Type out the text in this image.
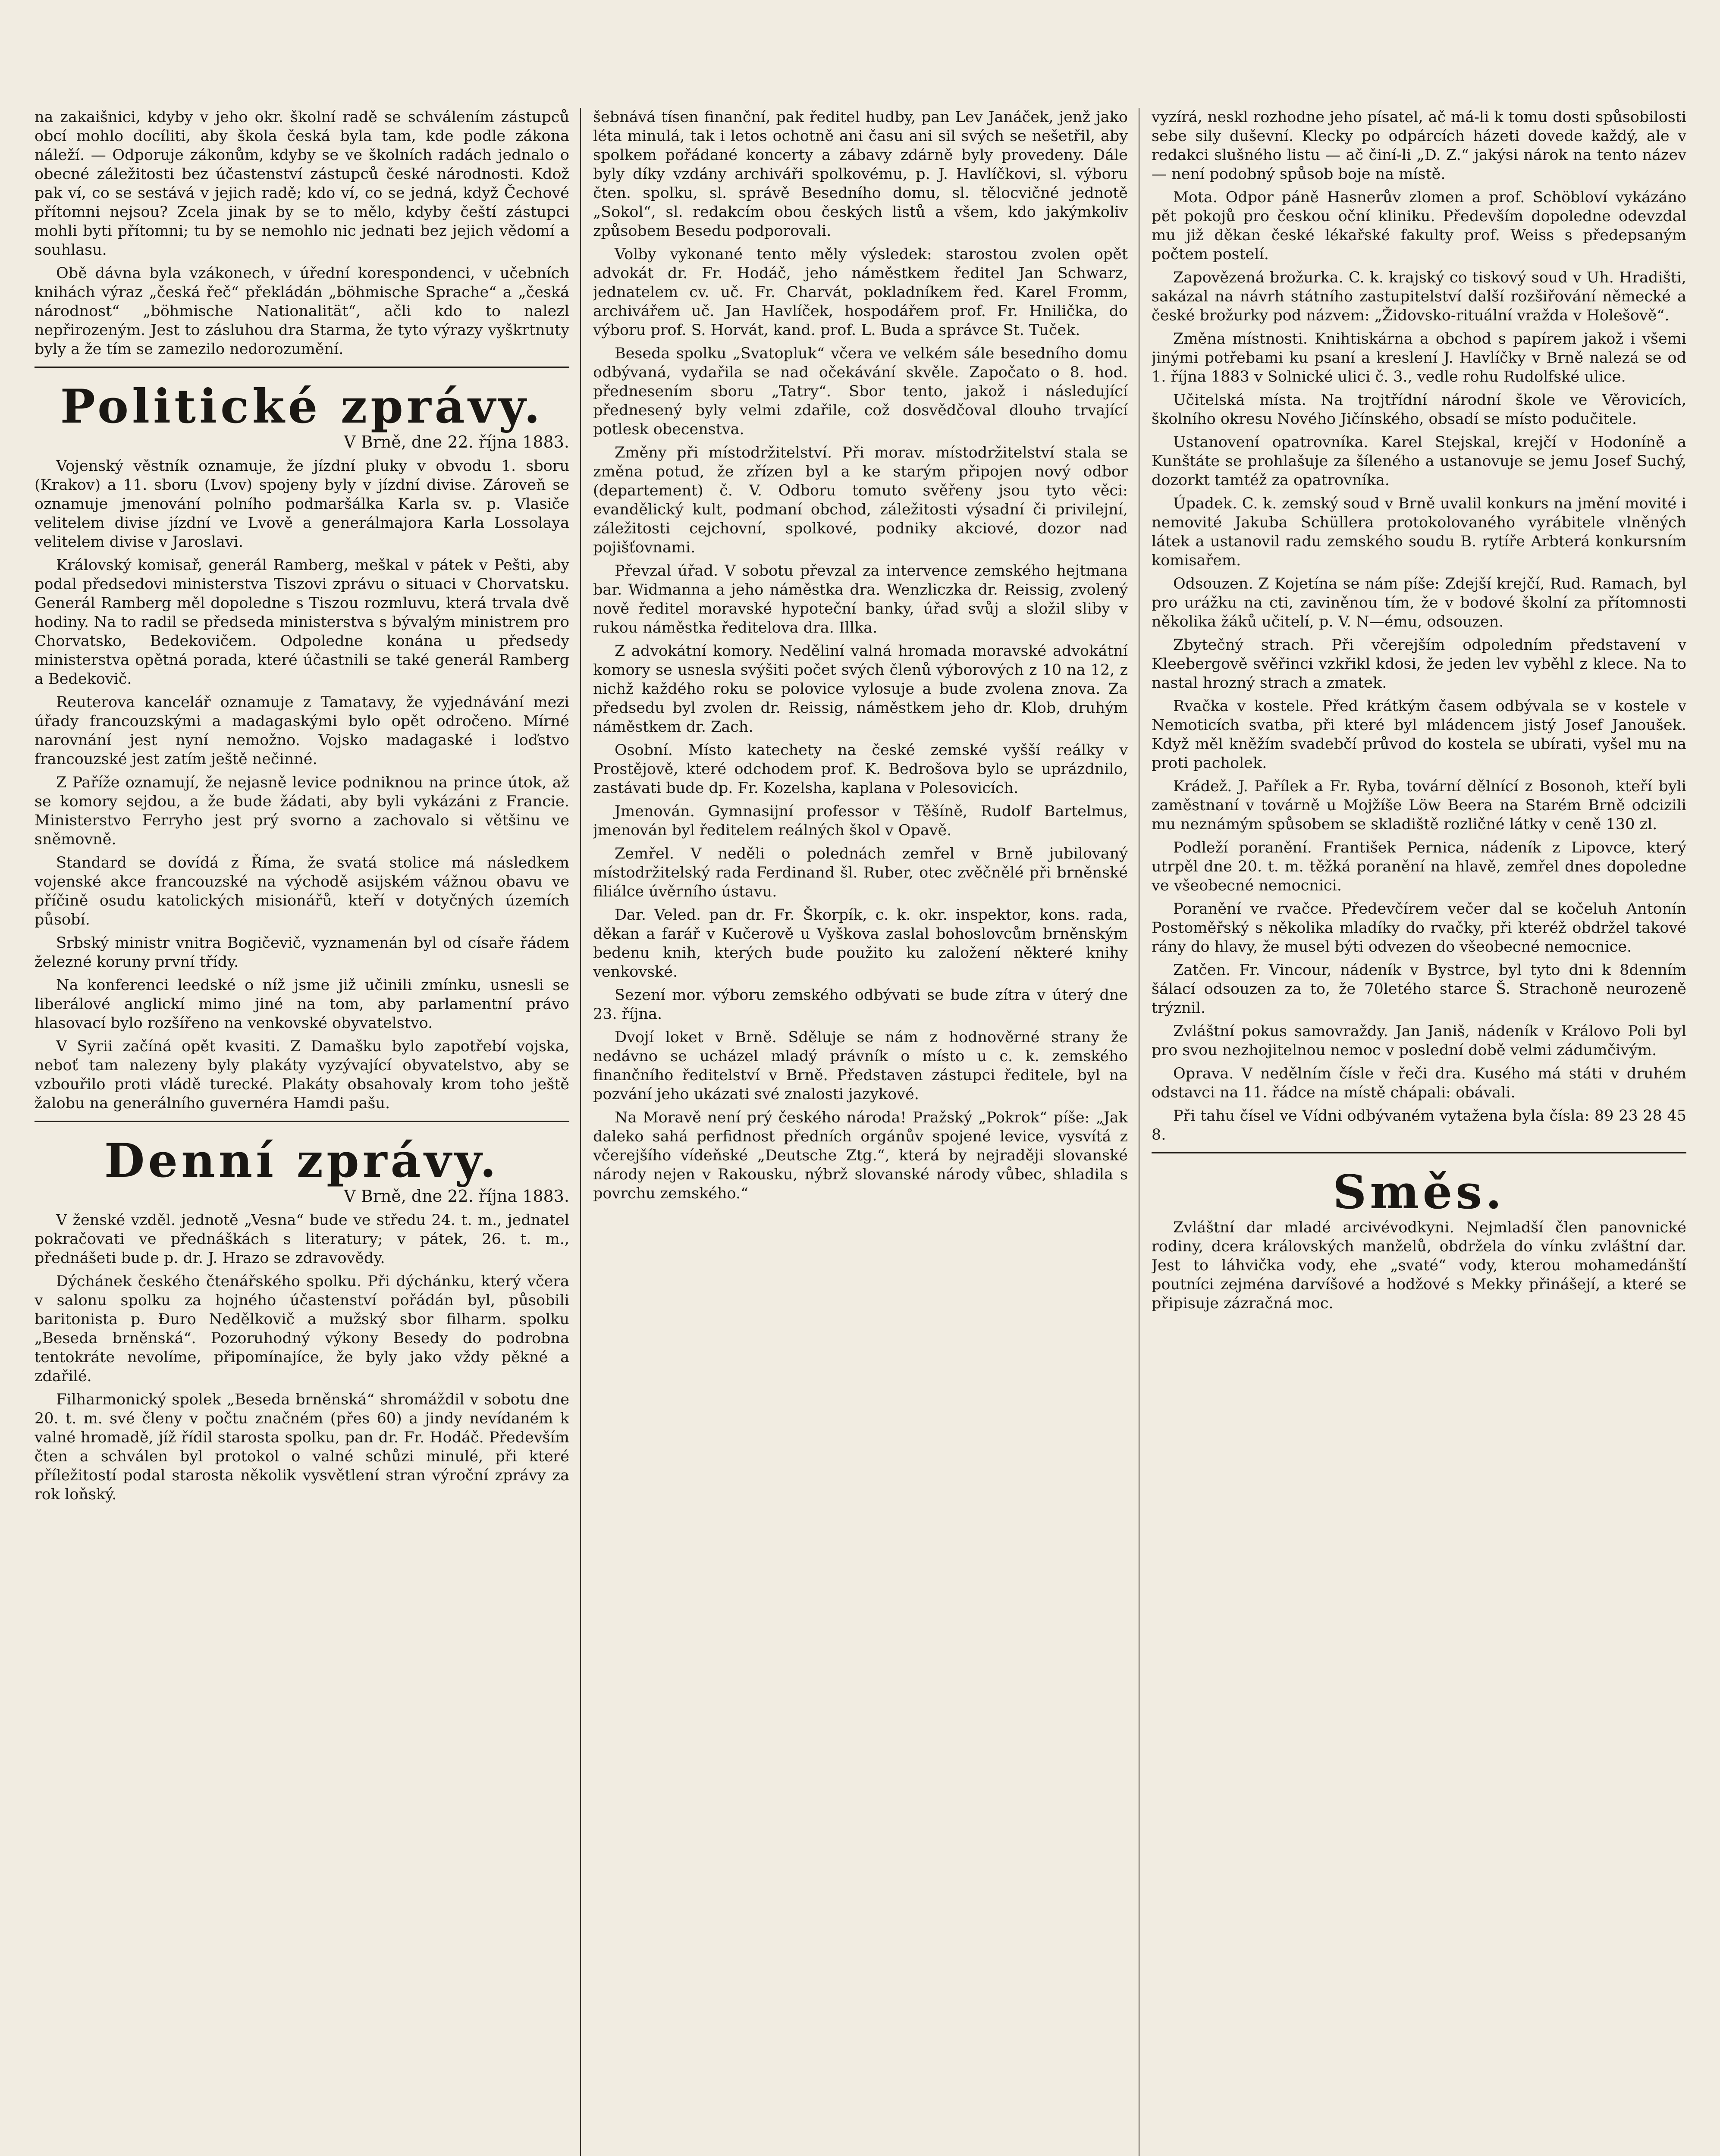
na zakaišnici, kdyby v jeho okr. školní radě se schválením zástupců obcí mohlo docíliti, aby škola česká byla tam, kde podle zákona náleží. — Odporuje zákonům, kdyby se ve školních radách jednalo o obecné záležitosti bez účastenství zástupců české národnosti. Kdož pak ví, co se sestává v jejich radě; kdo ví, co se jedná, když Čechové přítomni nejsou? Zcela jinak by se to mělo, kdyby čeští zástupci mohli byti přítomni; tu by se nemohlo nic jednati bez jejich vědomí a souhlasu.

Obě dávna byla vzákonech, v úřední korespondenci, v učebních knihách výraz „česká řeč“ překládán „böhmische Sprache“ a „česká národnost“ „böhmische Nationalität“, ačli kdo to nalezl nepřirozeným. Jest to zásluhou dra Starma, že tyto výrazy vyškrtnuty byly a že tím se zamezilo nedorozumění.

Politické zprávy.
V Brně, dne 22. října 1883.

Vojenský věstník oznamuje, že jízdní pluky v obvodu 1. sboru (Krakov) a 11. sboru (Lvov) spojeny byly v jízdní divise. Zároveň se oznamuje jmenování polního podmaršálka Karla sv. p. Vlasiče velitelem divise jízdní ve Lvově a generálmajora Karla Lossolaya velitelem divise v Jaroslavi.

Královský komisař, generál Ramberg, meškal v pátek v Pešti, aby podal předsedovi ministerstva Tiszovi zprávu o situaci v Chorvatsku. Generál Ramberg měl dopoledne s Tiszou rozmluvu, která trvala dvě hodiny. Na to radil se předseda ministerstva s bývalým ministrem pro Chorvatsko, Bedekovičem. Odpoledne konána u předsedy ministerstva opětná porada, které účastnili se také generál Ramberg a Bedekovič.

Reuterova kancelář oznamuje z Tamatavy, že vyjednávání mezi úřady francouzskými a madagaskými bylo opět odročeno. Mírné narovnání jest nyní nemožno. Vojsko madagaské i loďstvo francouzské jest zatím ještě nečinné.

Z Paříže oznamují, že nejasně levice podniknou na prince útok, až se komory sejdou, a že bude žádati, aby byli vykázáni z Francie. Ministerstvo Ferryho jest prý svorno a zachovalo si většinu ve sněmovně.

Standard se dovídá z Říma, že svatá stolice má následkem vojenské akce francouzské na východě asijském vážnou obavu ve příčině osudu katolických misionářů, kteří v dotyčných územích působí.

Srbský ministr vnitra Bogičevič, vyznamenán byl od císaře řádem železné koruny první třídy.

Na konferenci leedské o níž jsme již učinili zmínku, usnesli se liberálové anglickí mimo jiné na tom, aby parlamentní právo hlasovací bylo rozšířeno na venkovské obyvatelstvo.

V Syrii začíná opět kvasiti. Z Damašku bylo zapotřebí vojska, neboť tam nalezeny byly plakáty vyzývající obyvatelstvo, aby se vzbouřilo proti vládě turecké. Plakáty obsahovaly krom toho ještě žalobu na generálního guvernéra Hamdi pašu.

Denní zprávy.
V Brně, dne 22. října 1883.

V ženské vzděl. jednotě „Vesna“ bude ve středu 24. t. m., jednatel pokračovati ve přednáškách s literatury; v pátek, 26. t. m., přednášeti bude p. dr. J. Hrazo se zdravovědy.

Dýchánek českého čtenářského spolku. Při dýchánku, který včera v salonu spolku za hojného účastenství pořádán byl, působili baritonista p. Đuro Nedělkovič a mužský sbor filharm. spolku „Beseda brněnská“. Pozoruhodný výkony Besedy do podrobna tentokráte nevolíme, připomínajíce, že byly jako vždy pěkné a zdařilé.

Filharmonický spolek „Beseda brněnská“ shromáždil v sobotu dne 20. t. m. své členy v počtu značném (přes 60) a jindy nevídaném k valné hromadě, jíž řídil starosta spolku, pan dr. Fr. Hodáč. Především čten a schválen byl protokol o valné schůzi minulé, při které příležitostí podal starosta několik vysvětlení stran výroční zprávy za rok loňský.

šebnává tísen finanční, pak ředitel hudby, pan Lev Janáček, jenž jako léta minulá, tak i letos ochotně ani času ani sil svých se nešetřil, aby spolkem pořádané koncerty a zábavy zdárně byly provedeny. Dále byly díky vzdány archiváři spolkovému, p. J. Havlíčkovi, sl. výboru čten. spolku, sl. správě Besedního domu, sl. tělocvičné jednotě „Sokol“, sl. redakcím obou českých listů a všem, kdo jakýmkoliv způsobem Besedu podporovali.

Volby vykonané tento měly výsledek: starostou zvolen opět advokát dr. Fr. Hodáč, jeho náměstkem ředitel Jan Schwarz, jednatelem cv. uč. Fr. Charvát, pokladníkem řed. Karel Fromm, archivářem uč. Jan Havlíček, hospodářem prof. Fr. Hnilička, do výboru prof. S. Horvát, kand. prof. L. Buda a správce St. Tuček.

Beseda spolku „Svatopluk“ včera ve velkém sále besedního domu odbývaná, vydařila se nad očekávání skvěle. Započato o 8. hod. přednesením sboru „Tatry“. Sbor tento, jakož i následující přednesený byly velmi zdařile, což dosvědčoval dlouho trvající potlesk obecenstva.

Změny při místodržitelství. Při morav. místodržitelství stala se změna potud, že zřízen byl a ke starým připojen nový odbor (departement) č. V. Odboru tomuto svěřeny jsou tyto věci: evandělický kult, podmaní obchod, záležitosti výsadní či privilejní, záležitosti cejchovní, spolkové, podniky akciové, dozor nad pojišťovnami.

Převzal úřad. V sobotu převzal za intervence zemského hejtmana bar. Widmanna a jeho náměstka dra. Wenzliczka dr. Reissig, zvolený nově ředitel moravské hypoteční banky, úřad svůj a složil sliby v rukou náměstka ředitelova dra. Illka.

Z advokátní komory. Neděliní valná hromada moravské advokátní komory se usnesla svýšiti počet svých členů výborových z 10 na 12, z nichž každého roku se polovice vylosuje a bude zvolena znova. Za předsedu byl zvolen dr. Reissig, náměstkem jeho dr. Klob, druhým náměstkem dr. Zach.

Osobní. Místo katechety na české zemské vyšší reálky v Prostějově, které odchodem prof. K. Bedrošova bylo se uprázdnilo, zastávati bude dp. Fr. Kozelsha, kaplana v Polesovicích.

Jmenován. Gymnasijní professor v Těšíně, Rudolf Bartelmus, jmenován byl ředitelem reálných škol v Opavě.

Zemřel. V neděli o polednách zemřel v Brně jubilovaný místodržitelský rada Ferdinand šl. Ruber, otec zvěčnělé při brněnské filiálce úvěrního ústavu.

Dar. Veled. pan dr. Fr. Škorpík, c. k. okr. inspektor, kons. rada, děkan a farář v Kučerově u Vyškova zaslal bohoslovcům brněnským bedenu knih, kterých bude použito ku založení některé knihy venkovské.

Sezení mor. výboru zemského odbývati se bude zítra v úterý dne 23. října.

Dvojí loket v Brně. Sděluje se nám z hodnověrné strany že nedávno se ucházel mladý právník o místo u c. k. zemského finančního ředitelství v Brně. Představen zástupci ředitele, byl na pozvání jeho ukázati své znalosti jazykové.

Na Moravě není prý českého národa! Pražský „Pokrok“ píše: „Jak daleko sahá perfidnost předních orgánův spojené levice, vysvítá z včerejšího vídeňské „Deutsche Ztg.“, která by nejraději slovanské národy nejen v Rakousku, nýbrž slovanské národy vůbec, shladila s povrchu zemského.“

vyzírá, neskl rozhodne jeho písatel, ač má-li k tomu dosti spůsobilosti sebe sily duševní. Klecky po odpárcích házeti dovede každý, ale v redakci slušného listu — ač činí-li „D. Z.“ jakýsi nárok na tento název — není podobný spůsob boje na místě.

Mota. Odpor páně Hasnerův zlomen a prof. Schöbloví vykázáno pět pokojů pro českou oční kliniku. Především dopoledne odevzdal mu již děkan české lékařské fakulty prof. Weiss s předepsaným počtem postelí.

Zapovězená brožurka. C. k. krajský co tiskový soud v Uh. Hradišti, sakázal na návrh státního zastupitelství další rozšiřování německé a české brožurky pod názvem: „Židovsko-rituální vražda v Holešově“.

Změna místnosti. Knihtiskárna a obchod s papírem jakož i všemi jinými potřebami ku psaní a kreslení J. Havlíčky v Brně nalezá se od 1. října 1883 v Solnické ulici č. 3., vedle rohu Rudolfské ulice.

Učitelská místa. Na trojtřídní národní škole ve Věrovicích, školního okresu Nového Jičínského, obsadí se místo podučitele.

Ustanovení opatrovníka. Karel Stejskal, krejčí v Hodoníně a Kunštáte se prohlašuje za šíleného a ustanovuje se jemu Josef Suchý, dozorkt tamtéž za opatrovníka.

Úpadek. C. k. zemský soud v Brně uvalil konkurs na jmění movité i nemovité Jakuba Schüllera protokolovaného vyrábitele vlněných látek a ustanovil radu zemského soudu B. rytíře Arbterá konkursním komisařem.

Odsouzen. Z Kojetína se nám píše: Zdejší krejčí, Rud. Ramach, byl pro urážku na cti, zaviněnou tím, že v bodové školní za přítomnosti několika žáků učitelí, p. V. N—ému, odsouzen.

Zbytečný strach. Při včerejším odpoledním představení v Kleebergově svěřinci vzkřikl kdosi, že jeden lev vyběhl z klece. Na to nastal hrozný strach a zmatek.

Rvačka v kostele. Před krátkým časem odbývala se v kostele v Nemoticích svatba, při které byl mládencem jistý Josef Janoušek. Když měl kněžím svadebčí průvod do kostela se ubírati, vyšel mu na proti pacholek.

Krádež. J. Pařílek a Fr. Ryba, tovární dělnící z Bosonoh, kteří byli zaměstnaní v továrně u Mojžíše Löw Beera na Starém Brně odcizili mu neznámým spůsobem se skladiště rozličné látky v ceně 130 zl.

Podleží poranění. František Pernica, nádeník z Lipovce, který utrpěl dne 20. t. m. těžká poranění na hlavě, zemřel dnes dopoledne ve všeobecné nemocnici.

Poranění ve rvačce. Předevčírem večer dal se kočeluh Antonín Postoměřský s několika mladíky do rvačky, při kteréž obdržel takové rány do hlavy, že musel býti odvezen do všeobecné nemocnice.

Zatčen. Fr. Vincour, nádeník v Bystrce, byl tyto dni k 8denním šálací odsouzen za to, že 70letého starce Š. Strachoně neurozeně trýznil.

Zvláštní pokus samovraždy. Jan Janiš, nádeník v Královo Poli byl pro svou nezhojitelnou nemoc v poslední době velmi zádumčivým.

Oprava. V nedělním čísle v řeči dra. Kusého má státi v druhém odstavci na 11. řádce na místě chápali: obávali.

Při tahu čísel ve Vídni odbývaném vytažena byla čísla: 89 23 28 45 8.

Směs.

Zvláštní dar mladé arcivévodkyni. Nejmladší člen panovnické rodiny, dcera královských manželů, obdržela do vínku zvláštní dar. Jest to láhvička vody, ehe „svaté“ vody, kterou mohamedánští poutníci zejména darvíšové a hodžové s Mekky přinášejí, a které se připisuje zázračná moc.
